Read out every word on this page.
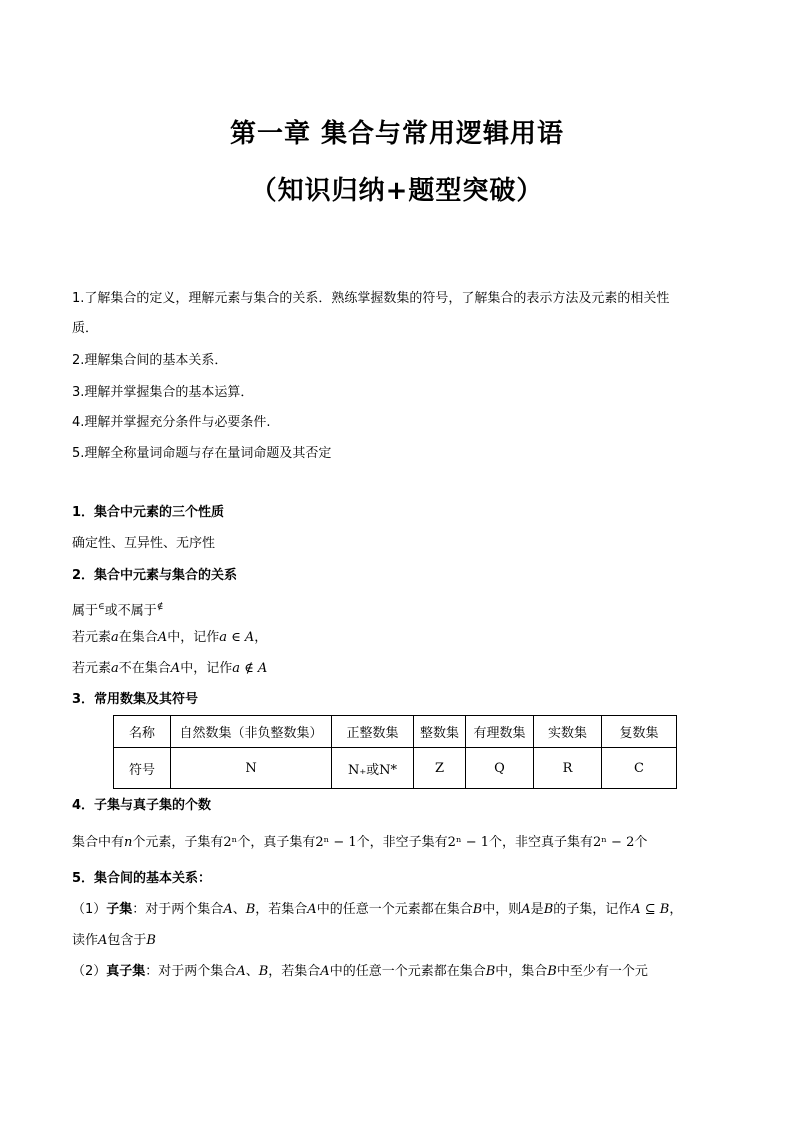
第一章 集合与常用逻辑用语
（知识归纳+题型突破）
1.了解集合的定义，理解元素与集合的关系．熟练掌握数集的符号，了解集合的表示方法及元素的相关性
质．
2.理解集合间的基本关系．
3.理解并掌握集合的基本运算．
4.理解并掌握充分条件与必要条件.
5.理解全称量词命题与存在量词命题及其否定
1．集合中元素的三个性质
确定性、互异性、无序性
2．集合中元素与集合的关系
属于∈或不属于∉
若元素a在集合A中，记作a ∈ A，
若元素a不在集合A中，记作a ∉ A
3．常用数集及其符号
名称	自然数集（非负整数集）	正整数集	整数集	有理数集	实数集	复数集
符号	N	N₊或N*	Z	Q	R	C
4．子集与真子集的个数
集合中有n个元素，子集有2ⁿ个，真子集有2ⁿ − 1个，非空子集有2ⁿ − 1个，非空真子集有2ⁿ − 2个
5．集合间的基本关系：
（1）子集：对于两个集合A、B，若集合A中的任意一个元素都在集合B中，则A是B的子集，记作A ⊆ B，
读作A包含于B
（2）真子集：对于两个集合A、B，若集合A中的任意一个元素都在集合B中，集合B中至少有一个元
